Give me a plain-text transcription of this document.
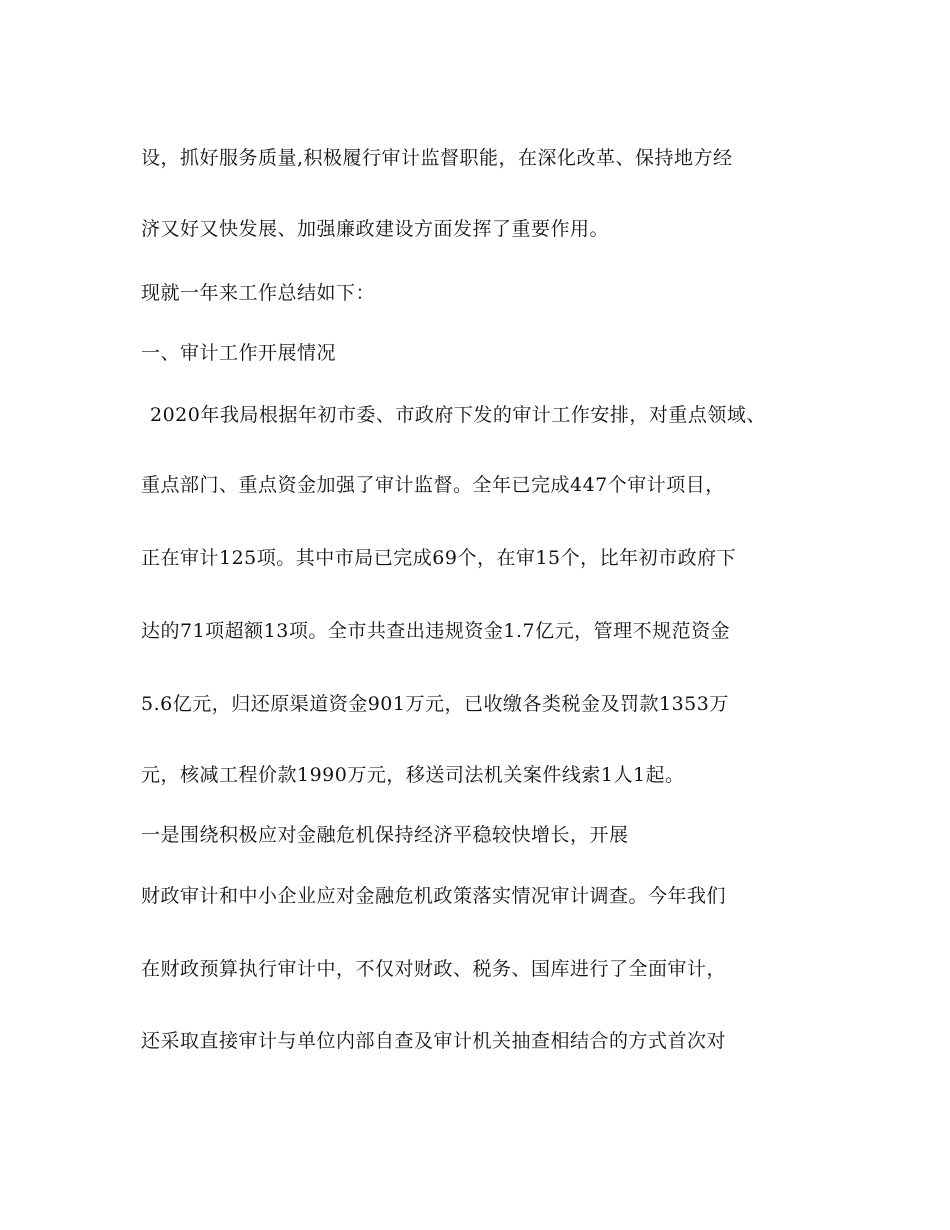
设，抓好服务质量,积极履行审计监督职能，在深化改革、保持地方经
济又好又快发展、加强廉政建设方面发挥了重要作用。
现就一年来工作总结如下：
一、审计工作开展情况
2020年我局根据年初市委、市政府下发的审计工作安排，对重点领域、
重点部门、重点资金加强了审计监督。全年已完成447个审计项目，
正在审计125项。其中市局已完成69个，在审15个，比年初市政府下
达的71项超额13项。全市共查出违规资金1.7亿元，管理不规范资金
5.6亿元，归还原渠道资金901万元，已收缴各类税金及罚款1353万
元，核减工程价款1990万元，移送司法机关案件线索1人1起。
一是围绕积极应对金融危机保持经济平稳较快增长，开展
财政审计和中小企业应对金融危机政策落实情况审计调查。今年我们
在财政预算执行审计中，不仅对财政、税务、国库进行了全面审计，
还采取直接审计与单位内部自查及审计机关抽查相结合的方式首次对
